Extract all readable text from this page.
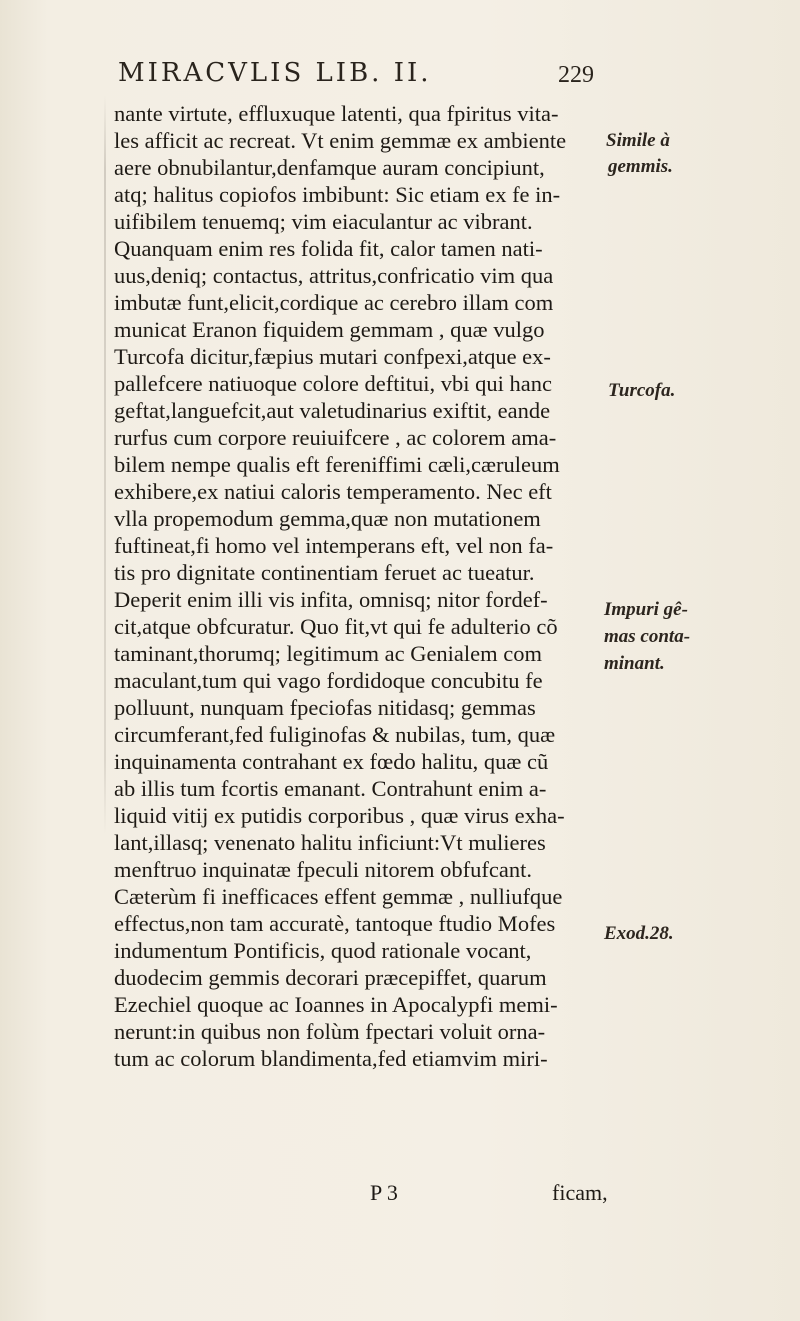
MIRACVLIS LIB. II.	229
nante virtute, effluxuque latenti, qua fpiritus vita-
les afficit ac recreat. Vt enim gemmæ ex ambiente
aere obnubilantur,denfamque auram concipiunt,
atq; halitus copiofos imbibunt: Sic etiam ex fe in-
uifibilem tenuemq; vim eiaculantur ac vibrant.
Quanquam enim res folida fit, calor tamen nati-
uus,deniq; contactus, attritus,confricatio vim qua
imbutæ funt,elicit,cordique ac cerebro illam com
municat Eranon fiquidem gemmam , quæ vulgo
Turcofa dicitur,fæpius mutari confpexi,atque ex-
pallefcere natiuoque colore deftitui, vbi qui hanc
geftat,languefcit,aut valetudinarius exiftit, eande
rurfus cum corpore reuiuifcere , ac colorem ama-
bilem nempe qualis eft fereniffimi cæli,cæruleum
exhibere,ex natiui caloris temperamento. Nec eft
vlla propemodum gemma,quæ non mutationem
fuftineat,fi homo vel intemperans eft, vel non fa-
tis pro dignitate continentiam feruet ac tueatur.
Deperit enim illi vis infita, omnisq; nitor fordef-
cit,atque obfcuratur. Quo fit,vt qui fe adulterio cõ
taminant,thorumq; legitimum ac Genialem com
maculant,tum qui vago fordidoque concubitu fe
polluunt, nunquam fpeciofas nitidasq; gemmas
circumferant,fed fuliginofas & nubilas, tum, quæ
inquinamenta contrahant ex fœdo halitu, quæ cũ
ab illis tum fcortis emanant. Contrahunt enim a-
liquid vitij ex putidis corporibus , quæ virus exha-
lant,illasq; venenato halitu inficiunt:Vt mulieres
menftruo inquinatæ fpeculi nitorem obfufcant.
Cæterùm fi inefficaces effent gemmæ , nulliufque
effectus,non tam accuratè, tantoque ftudio Mofes
indumentum Pontificis, quod rationale vocant,
duodecim gemmis decorari præcepiffet, quarum
Ezechiel quoque ac Ioannes in Apocalypfi memi-
nerunt:in quibus non folùm fpectari voluit orna-
tum ac colorum blandimenta,fed etiamvim miri-
Simile à
gemmis.
Turcofa.
Impuri gê-
mas conta-
minant.
Exod.28.
P 3	ficam,
